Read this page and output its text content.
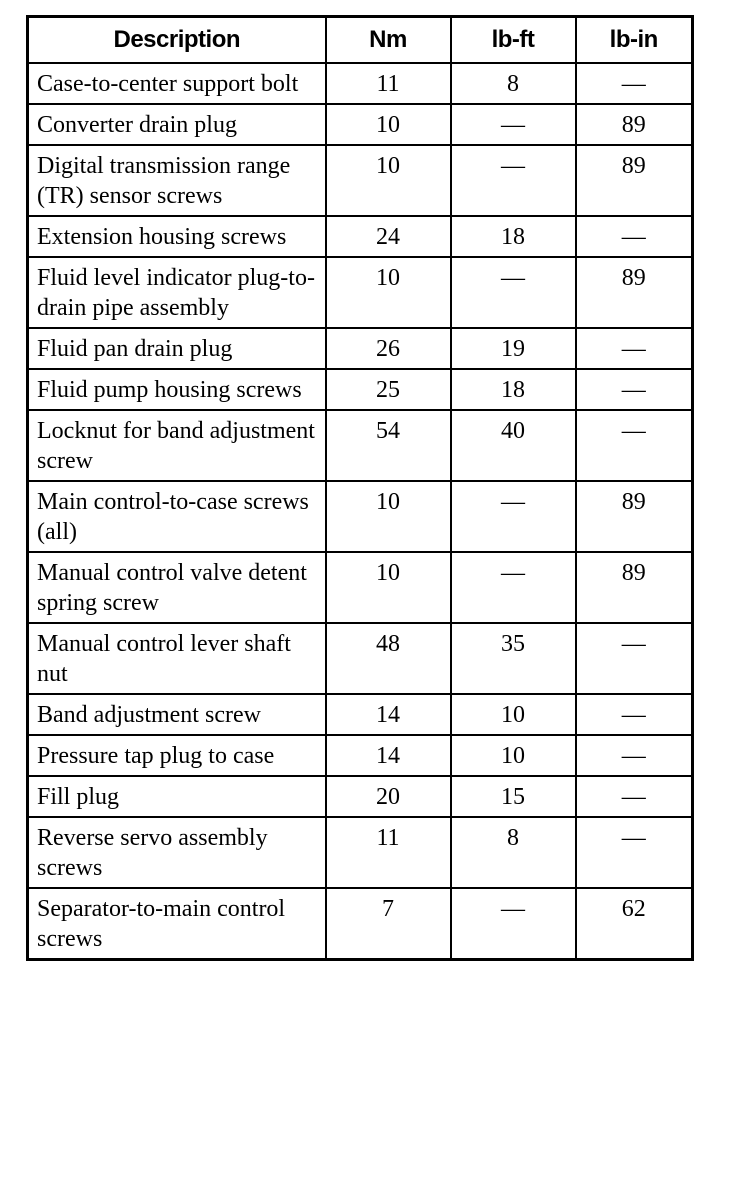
Description	Nm	lb-ft	lb-in
Case-to-center support bolt	11	8	—
Converter drain plug	10	—	89
Digital transmission range (TR) sensor screws	10	—	89
Extension housing screws	24	18	—
Fluid level indicator plug-to-drain pipe assembly	10	—	89
Fluid pan drain plug	26	19	—
Fluid pump housing screws	25	18	—
Locknut for band adjustment screw	54	40	—
Main control-to-case screws (all)	10	—	89
Manual control valve detent spring screw	10	—	89
Manual control lever shaft nut	48	35	—
Band adjustment screw	14	10	—
Pressure tap plug to case	14	10	—
Fill plug	20	15	—
Reverse servo assembly screws	11	8	—
Separator-to-main control screws	7	—	62
